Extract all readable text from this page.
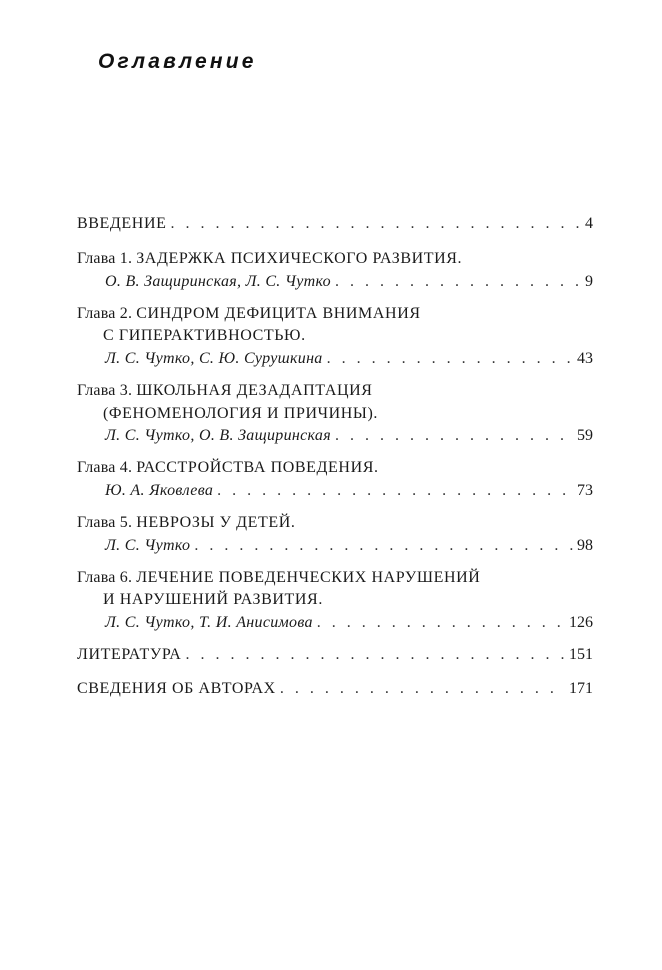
Оглавление
ВВЕДЕНИЕ . . .	4
Глава 1.
ЗАДЕРЖКА ПСИХИЧЕСКОГО РАЗВИТИЯ.
О. В. Защиринская, Л. С. Чутко . . .	9
Глава 2.
СИНДРОМ ДЕФИЦИТА ВНИМАНИЯ
С ГИПЕРАКТИВНОСТЬЮ.
Л. С. Чутко, С. Ю. Сурушкина . . .	43
Глава 3.
ШКОЛЬНАЯ ДЕЗАДАПТАЦИЯ
(ФЕНОМЕНОЛОГИЯ И ПРИЧИНЫ).
Л. С. Чутко, О. В. Защиринская . . .	59
Глава 4.
РАССТРОЙСТВА ПОВЕДЕНИЯ.
Ю. А. Яковлева . . .	73
Глава 5.
НЕВРОЗЫ У ДЕТЕЙ.
Л. С. Чутко . . .	98
Глава 6.
ЛЕЧЕНИЕ ПОВЕДЕНЧЕСКИХ НАРУШЕНИЙ
И НАРУШЕНИЙ РАЗВИТИЯ.
Л. С. Чутко, Т. И. Анисимова . . .	126
ЛИТЕРАТУРА . . .	151
СВЕДЕНИЯ ОБ АВТОРАХ . . .	171
